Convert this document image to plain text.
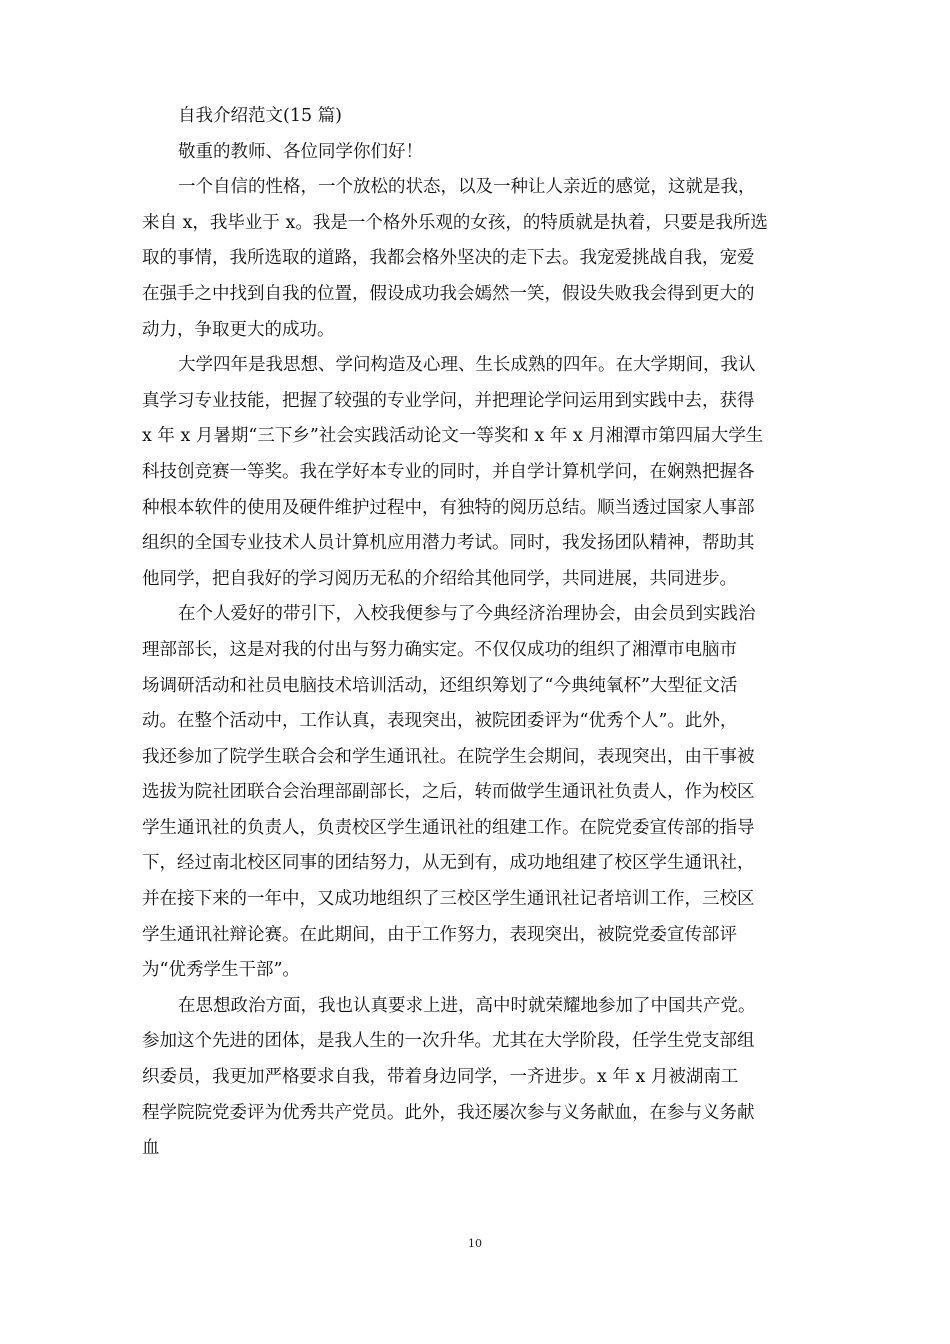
自我介绍范文(15 篇)
敬重的教师、各位同学你们好！
一个自信的性格，一个放松的状态，以及一种让人亲近的感觉，这就是我，
来自 x，我毕业于 x。我是一个格外乐观的女孩，的特质就是执着，只要是我所选
取的事情，我所选取的道路，我都会格外坚决的走下去。我宠爱挑战自我，宠爱
在强手之中找到自我的位置，假设成功我会嫣然一笑，假设失败我会得到更大的
动力，争取更大的成功。
大学四年是我思想、学问构造及心理、生长成熟的四年。在大学期间，我认
真学习专业技能，把握了较强的专业学问，并把理论学问运用到实践中去，获得
x 年 x 月暑期“三下乡”社会实践活动论文一等奖和 x 年 x 月湘潭市第四届大学生
科技创竞赛一等奖。我在学好本专业的同时，并自学计算机学问，在娴熟把握各
种根本软件的使用及硬件维护过程中，有独特的阅历总结。顺当透过国家人事部
组织的全国专业技术人员计算机应用潜力考试。同时，我发扬团队精神，帮助其
他同学，把自我好的学习阅历无私的介绍给其他同学，共同进展，共同进步。
在个人爱好的带引下，入校我便参与了今典经济治理协会，由会员到实践治
理部部长，这是对我的付出与努力确实定。不仅仅成功的组织了湘潭市电脑市
场调研活动和社员电脑技术培训活动，还组织筹划了“今典纯氧杯”大型征文活
动。在整个活动中，工作认真，表现突出，被院团委评为“优秀个人”。此外，
我还参加了院学生联合会和学生通讯社。在院学生会期间，表现突出，由干事被
选拔为院社团联合会治理部副部长，之后，转而做学生通讯社负责人，作为校区
学生通讯社的负责人，负责校区学生通讯社的组建工作。在院党委宣传部的指导
下，经过南北校区同事的团结努力，从无到有，成功地组建了校区学生通讯社，
并在接下来的一年中，又成功地组织了三校区学生通讯社记者培训工作，三校区
学生通讯社辩论赛。在此期间，由于工作努力，表现突出，被院党委宣传部评
为“优秀学生干部”。
在思想政治方面，我也认真要求上进，高中时就荣耀地参加了中国共产党。
参加这个先进的团体，是我人生的一次升华。尤其在大学阶段，任学生党支部组
织委员，我更加严格要求自我，带着身边同学，一齐进步。x 年 x 月被湖南工
程学院院党委评为优秀共产党员。此外，我还屡次参与义务献血，在参与义务献
血
10
